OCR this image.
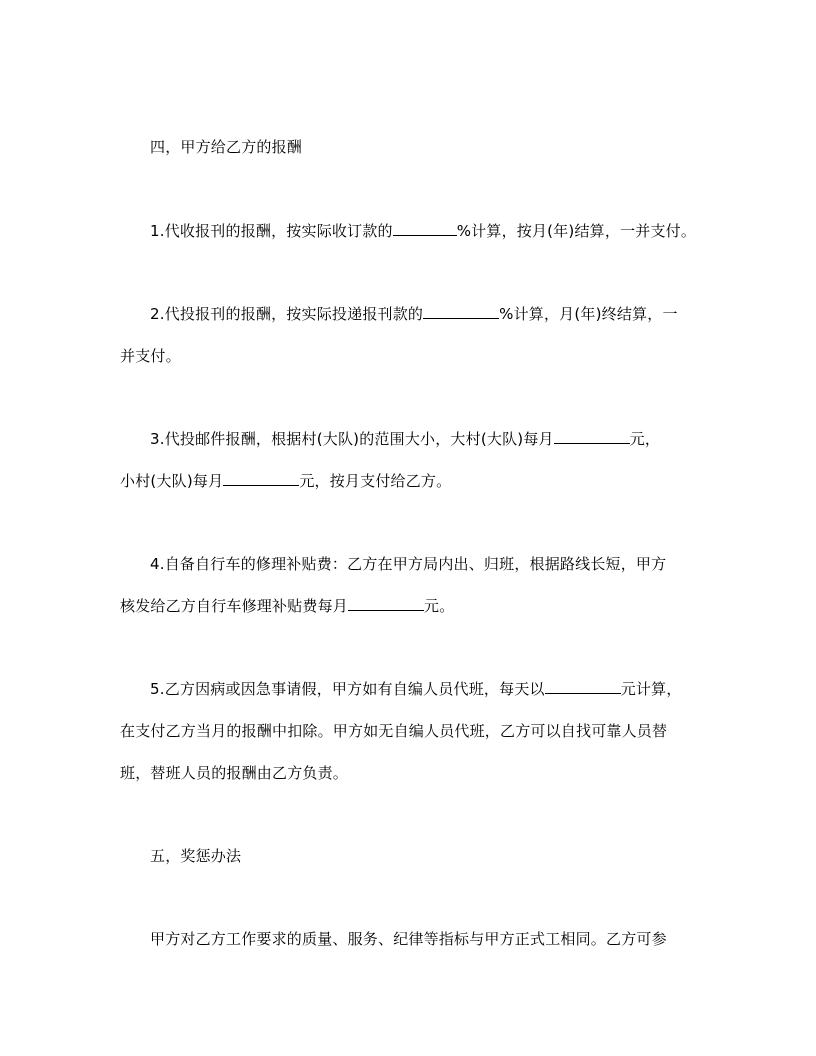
四，甲方给乙方的报酬
1.代收报刊的报酬，按实际收订款的	%计算，按月(年)结算，一并支付。
2.代投报刊的报酬，按实际投递报刊款的	%计算，月(年)终结算，一
并支付。
3.代投邮件报酬，根据村(大队)的范围大小，大村(大队)每月	元，
小村(大队)每月	元，按月支付给乙方。
4.自备自行车的修理补贴费：乙方在甲方局内出、归班，根据路线长短，甲方
核发给乙方自行车修理补贴费每月	元。
5.乙方因病或因急事请假，甲方如有自编人员代班，每天以	元计算，
在支付乙方当月的报酬中扣除。甲方如无自编人员代班，乙方可以自找可靠人员替
班，替班人员的报酬由乙方负责。
五，奖惩办法
甲方对乙方工作要求的质量、服务、纪律等指标与甲方正式工相同。乙方可参
